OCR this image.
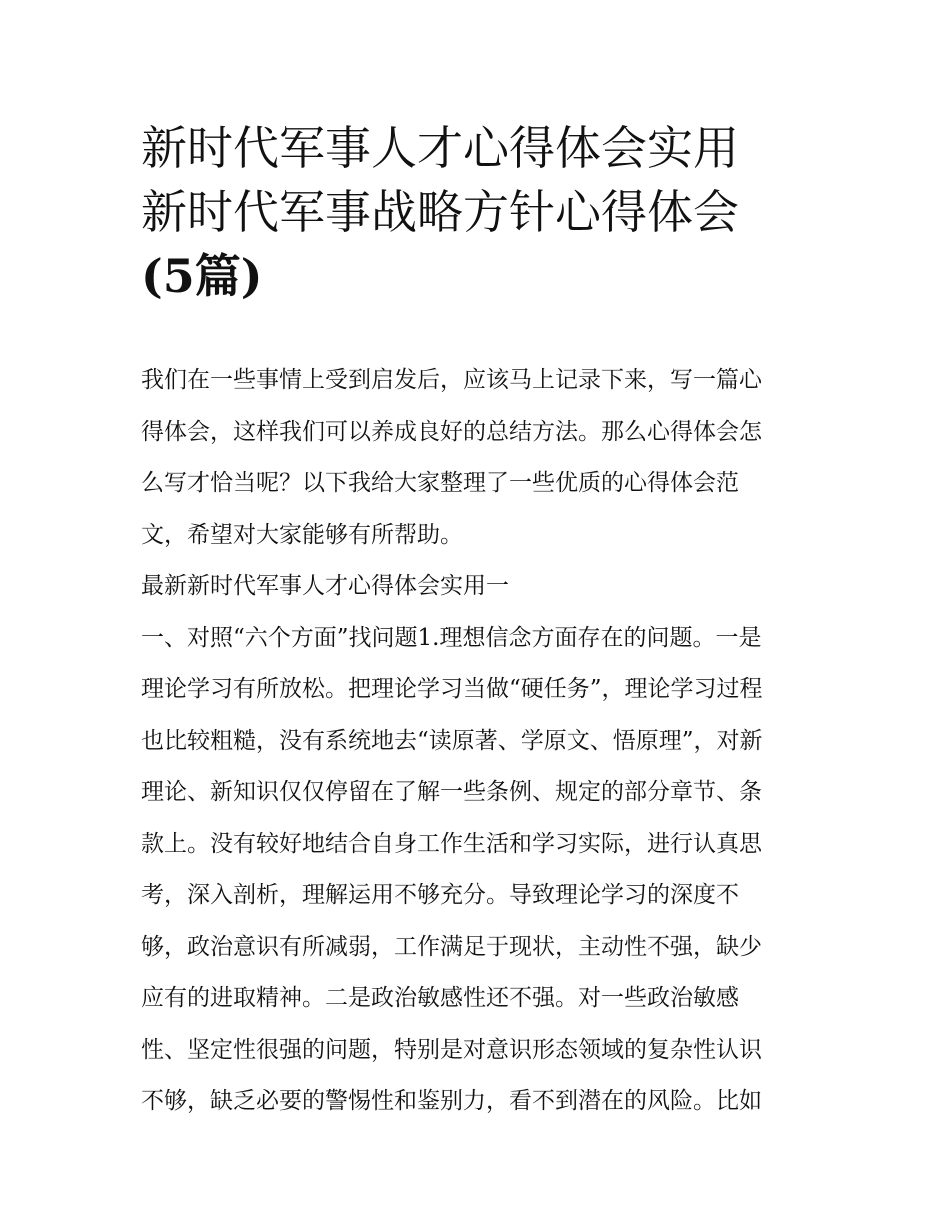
新时代军事人才心得体会实用
新时代军事战略方针心得体会
(5篇)
我们在一些事情上受到启发后，应该马上记录下来，写一篇心
得体会，这样我们可以养成良好的总结方法。那么心得体会怎
么写才恰当呢？以下我给大家整理了一些优质的心得体会范
文，希望对大家能够有所帮助。
最新新时代军事人才心得体会实用一
一、对照“六个方面”找问题1.理想信念方面存在的问题。一是
理论学习有所放松。把理论学习当做“硬任务”，理论学习过程
也比较粗糙，没有系统地去“读原著、学原文、悟原理”，对新
理论、新知识仅仅停留在了解一些条例、规定的部分章节、条
款上。没有较好地结合自身工作生活和学习实际，进行认真思
考，深入剖析，理解运用不够充分。导致理论学习的深度不
够，政治意识有所减弱，工作满足于现状，主动性不强，缺少
应有的进取精神。二是政治敏感性还不强。对一些政治敏感
性、坚定性很强的问题，特别是对意识形态领域的复杂性认识
不够，缺乏必要的警惕性和鉴别力，看不到潜在的风险。比如
